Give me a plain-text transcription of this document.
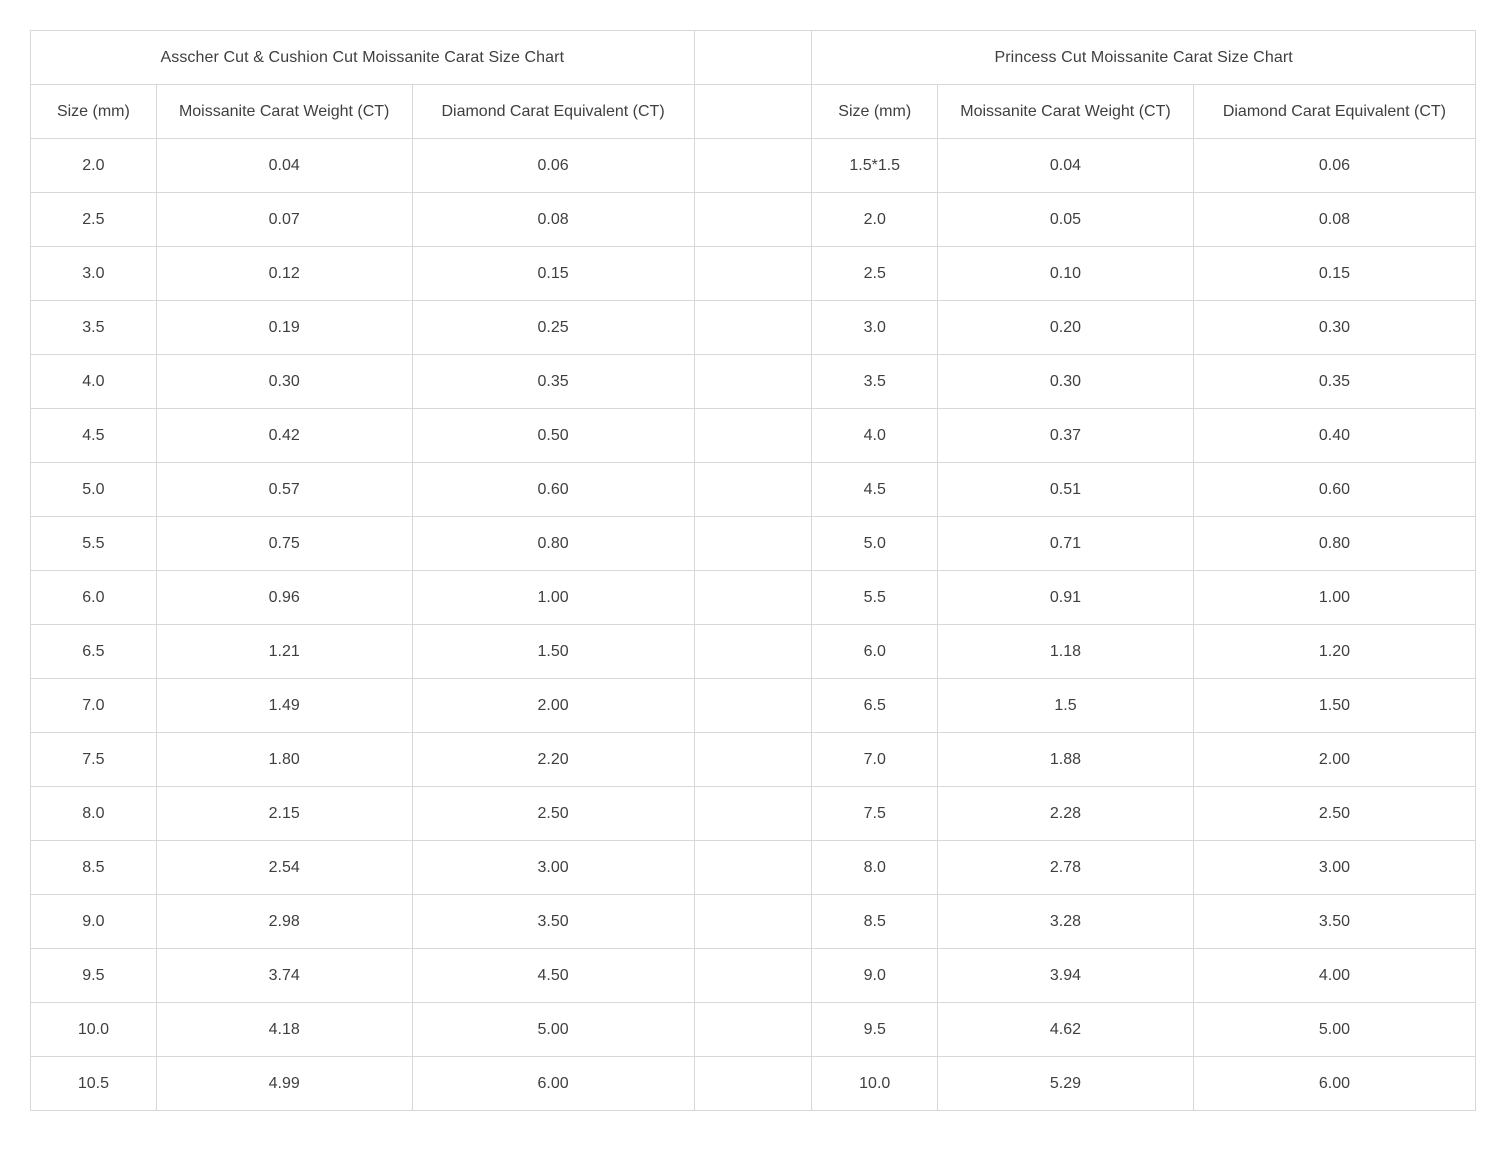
Asscher Cut & Cushion Cut Moissanite Carat Size Chart				Princess Cut Moissanite Carat Size Chart		
Size (mm)	Moissanite Carat Weight (CT)	Diamond Carat Equivalent (CT)		Size (mm)	Moissanite Carat Weight (CT)	Diamond Carat Equivalent (CT)
2.0	0.04	0.06		1.5*1.5	0.04	0.06
2.5	0.07	0.08		2.0	0.05	0.08
3.0	0.12	0.15		2.5	0.10	0.15
3.5	0.19	0.25		3.0	0.20	0.30
4.0	0.30	0.35		3.5	0.30	0.35
4.5	0.42	0.50		4.0	0.37	0.40
5.0	0.57	0.60		4.5	0.51	0.60
5.5	0.75	0.80		5.0	0.71	0.80
6.0	0.96	1.00		5.5	0.91	1.00
6.5	1.21	1.50		6.0	1.18	1.20
7.0	1.49	2.00		6.5	1.5	1.50
7.5	1.80	2.20		7.0	1.88	2.00
8.0	2.15	2.50		7.5	2.28	2.50
8.5	2.54	3.00		8.0	2.78	3.00
9.0	2.98	3.50		8.5	3.28	3.50
9.5	3.74	4.50		9.0	3.94	4.00
10.0	4.18	5.00		9.5	4.62	5.00
10.5	4.99	6.00		10.0	5.29	6.00
